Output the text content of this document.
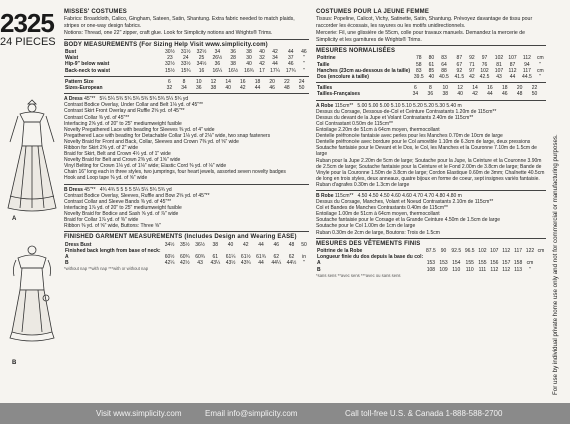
2325
24 PIECES
A
B
MISSES' COSTUMES
Fabrics: Broadcloth, Calico, Gingham, Sateen, Satin, Shantung. Extra fabric needed to match plaids, stripes or one-way design fabrics.
Notions: Thread, one 22" zipper, craft glue. Look for Simplicity notions and Wrights® Trims.
BODY MEASUREMENTS (For Sizing Help Visit www.simplicity.com)
Bust	30½	31½	32½	34	36	38	40	42	44	46
Waist	23	24	25	26½	28	30	32	34	37	"
Hip-9" below waist	32½	33½	34½	36	38	40	42	44	46	"
Back-neck to waist	15½	15¾	16	16¼	16½	16¾	17	17¼	17¾	"
Pattern Size	6	8	10	12	14	16	18	20	22	24
Sizes-European	32	34	36	38	40	42	44	46	48	50

A Dress 45"** 5¼ 5¼ 5¾ 5¾ 5¾ 5¾ 5¾ 5¾ 5¼ 5¾ yd

Contrast Bodice Overlay, Under Collar and Belt 1⅛ yd. of 45"**

Contrast Skirt Front Overlay and Ruffle 2⅝ yd. of 45"**

Contrast Collar ⅜ yd. of 45"**

Interfacing 2⅝ yd. of 20" to 25" mediumweight fusible

Novelty Pregathered Lace with beading for Sleeves ⅜ yd. of 4" wide

Pregathered Lace with beading for Detachable Collar 1⅛ yd. of 2⅛" wide, two snap fasteners

Novelty Braid for Front and Back, Collar, Sleeves and Crown 7⅜ yd. of ⅝" wide

Ribbon for Skirt 2⅝ yd. of 2" wide

Braid for Skirt, Belt and Crown 4½ yd. of 1" wide

Novelty Braid for Belt and Crown 2⅜ yd. of 1⅝" wide

Vinyl Belting for Crown 1⅛ yd. of 1⅛" wide; Elastic Cord ⅜ yd. of ⅛" wide

Chain 16" long each in three styles, two jumprings, four heart jewels, assorted seven novelty badges

Hook and Loop tape ⅜ yd. of ⅝" wide

B Dress 45"** 4¾ 4¾ 5 5 5 5 5¼ 5¼ 5¾ 5¾ yd

Contrast Bodice Overlay, Sleeves, Ruffle and Bow 2⅝ yd. of 45"**

Contrast Collar and Sleeve Bands ⅜ yd. of 45"**

Interfacing 1⅞ yd. of 20" to 25" mediumweight fusible

Novelty Braid for Bodice and Sash ⅝ yd. of ⅞" wide

Braid for Collar 1⅞ yd. of ⅜" wide

Ribbon ⅜ yd. of ⅝" wide, Buttons: Three ⅝"

FINISHED GARMENT MEASUREMENTS (Includes Design and Wearing EASE)
Dress Bust	34½	35½	36½	38	40	42	44	46	48	50
Finished back length from base of neck:										
A	60½	60¾	60¾	61	61¼	61½	61¾	62	62	in
B	42¼	42½	43	43¼	43½	43¾	44	44¼	44½	"
*without nap **with nap ***with or without nap
COSTUMES POUR LA JEUNE FEMME
Tissus: Popeline, Calicot, Vichy, Satinette, Satin, Shantung. Prévoyez davantage de tissu pour raccorder les écossais, les rayures ou les motifs unidirectionnels.
Mercerie: Fil, une glissière de 55cm, colle pour travaux manuels. Demandez la mercerie de Simplicity et les garnitures de Wrights® Trims.
MESURES NORMALISÉES
Poitrine	78	80	83	87	92	97	102	107	112	cm
Taille	58	61	64	67	71	76	81	87	94	"
Hanches (23cm au-dessous de la taille)	83	85	88	92	97	102	107	112	117	cm
Dos (encolure à taille)	39.5	40	40.5	41.5	42	42.5	43	44	44.5	"
Tailles	6	8	10	12	14	16	18	20	22	
Tailles-Françaises	34	36	38	40	42	44	46	48	50	

A Robe 115cm** 5.00 5.00 5.00 5.10 5.10 5.20 5.20 5.30 5.40 m

Dessus du Corsage, Dessous-de-Col et Ceinture Contrastants 1.20m de 115cm**

Dessus du devant de la Jupe et Volant Contrastants 2.40m de 115cm**

Col Contrastant 0.50m de 115cm**

Entoilage 2.20m de 51cm à 64cm moyen, thermocollant

Dentelle préfroncée fantaisie avec perles pour les Manches 0.70m de 10cm de large

Dentelle préfroncée avec bordure pour le Col amovible 1.10m de 6.3cm de large, deux pressions

Soutache fantaisie pour le Devant et le Dos, le Col, les Manches et la Couronne 7.10m de 1.5cm de large

Ruban pour la Jupe 2.20m de 5cm de large; Soutache pour la Jupe, la Ceinture et la Couronne 3.90m de 2.5cm de large; Soutache fantaisie pour la Ceinture et le Fond 2.00m de 3.8cm de large; Bande de Vinyle pour la Couronne 1.50m de 3.8cm de large; Cordon Elastique 0.60m de 3mm; Chaînette 40.5cm de long en trois styles, deux anneaux, quatre bijoux en forme de coeur, sept insignes variés fantaisie. Ruban d'agrafes 0.30m de 1.3cm de large

B Robe 115cm** 4.50 4.50 4.50 4.60 4.60 4.70 4.70 4.80 4.80 m

Dessus du Corsage, Manches, Volant et Noeud Contrastants 2.10m de 115cm**

Col et Bandes de Manches Contrastants 0.40m de 115cm**

Entoilage 1.00m de 51cm à 64cm moyen, thermocollant

Soutache fantaisie pour le Corsage et la Grande Ceinture 4.50m de 1.5cm de large

Soutache pour le Col 1.00m de 1cm de large

Ruban 0.30m de 2cm de large, Boutons: Trois de 1.5cm

MESURES DES VÊTEMENTS FINIS
Poitrine de la Robe	87.5	90	92.5	96.5	102	107	112	117	122	cm
Longueur finie du dos depuis la base du col:										
A	153	153	154	155	155	156	157	158	cm	
B	108	109	110	110	111	112	112	113	"	
*sans sens **avec sens ***avec ou sans sens	For use by individual private home use only and not for commercial or manufacturing purposes.
Visit www.simplicity.com	Email info@simplicity.com	Call toll-free U.S. & Canada 1-888-588-2700
